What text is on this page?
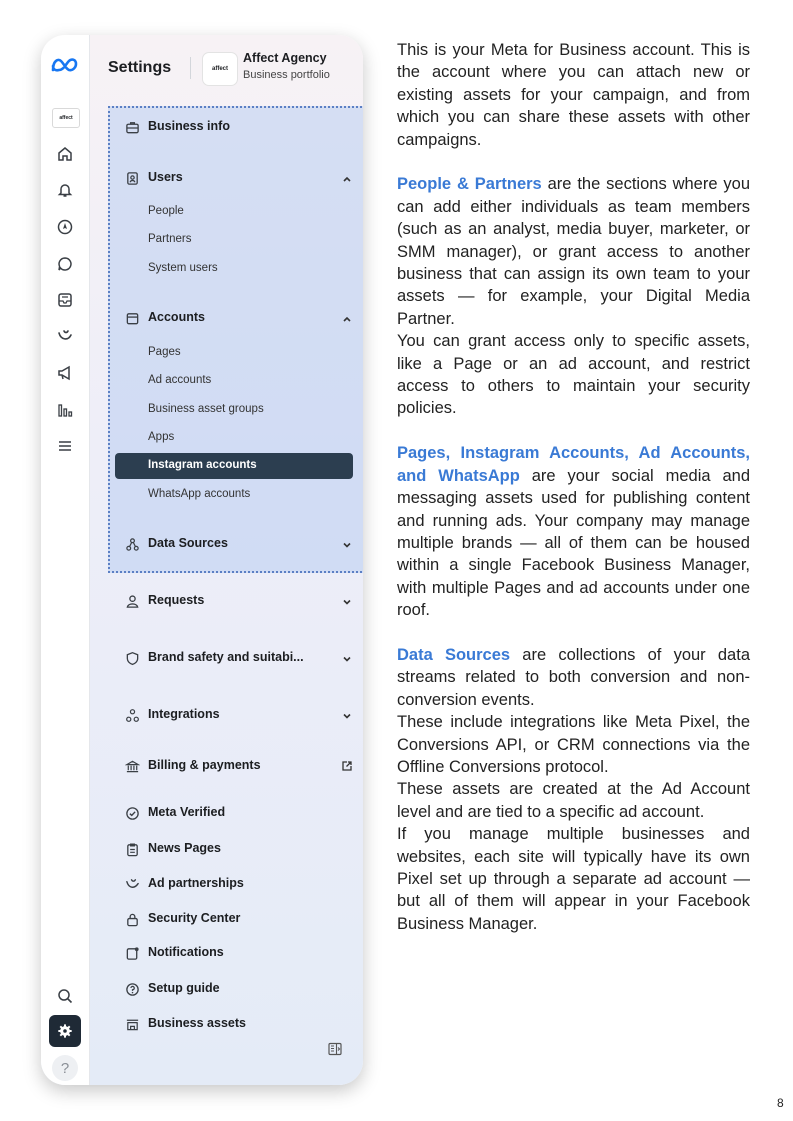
affect
?
Settings	affect
Affect Agency
Business portfolio
Business info
Users
People
Partners
System users
Accounts
Pages
Ad accounts
Business asset groups
Apps
Instagram accounts
WhatsApp accounts
Data Sources
Requests
Brand safety and suitabi...
Integrations
Billing & payments
Meta Verified
News Pages
Ad partnerships
Security Center
Notifications
Setup guide
Business assets

This is your Meta for Business account. This is the account where you can attach new or existing assets for your campaign, and from which you can share these assets with other campaigns.

People & Partners are the sections where you can add either individuals as team members (such as an analyst, media buyer, marketer, or SMM manager), or grant access to another business that can assign its own team to your assets — for example, your Digital Media Partner.

You can grant access only to specific assets, like a Page or an ad account, and restrict access to others to maintain your security policies.

Pages, Instagram Accounts, Ad Accounts, and WhatsApp are your social media and messaging assets used for publishing content and running ads. Your company may manage multiple brands — all of them can be housed within a single Facebook Business Manager, with multiple Pages and ad accounts under one roof.

Data Sources are collections of your data streams related to both conversion and non-conversion events.

These include integrations like Meta Pixel, the Conversions API, or CRM connections via the Offline Conversions protocol.

These assets are created at the Ad Account level and are tied to a specific ad account.

If you manage multiple businesses and websites, each site will typically have its own Pixel set up through a separate ad account — but all of them will appear in your Facebook Business Manager.

8
